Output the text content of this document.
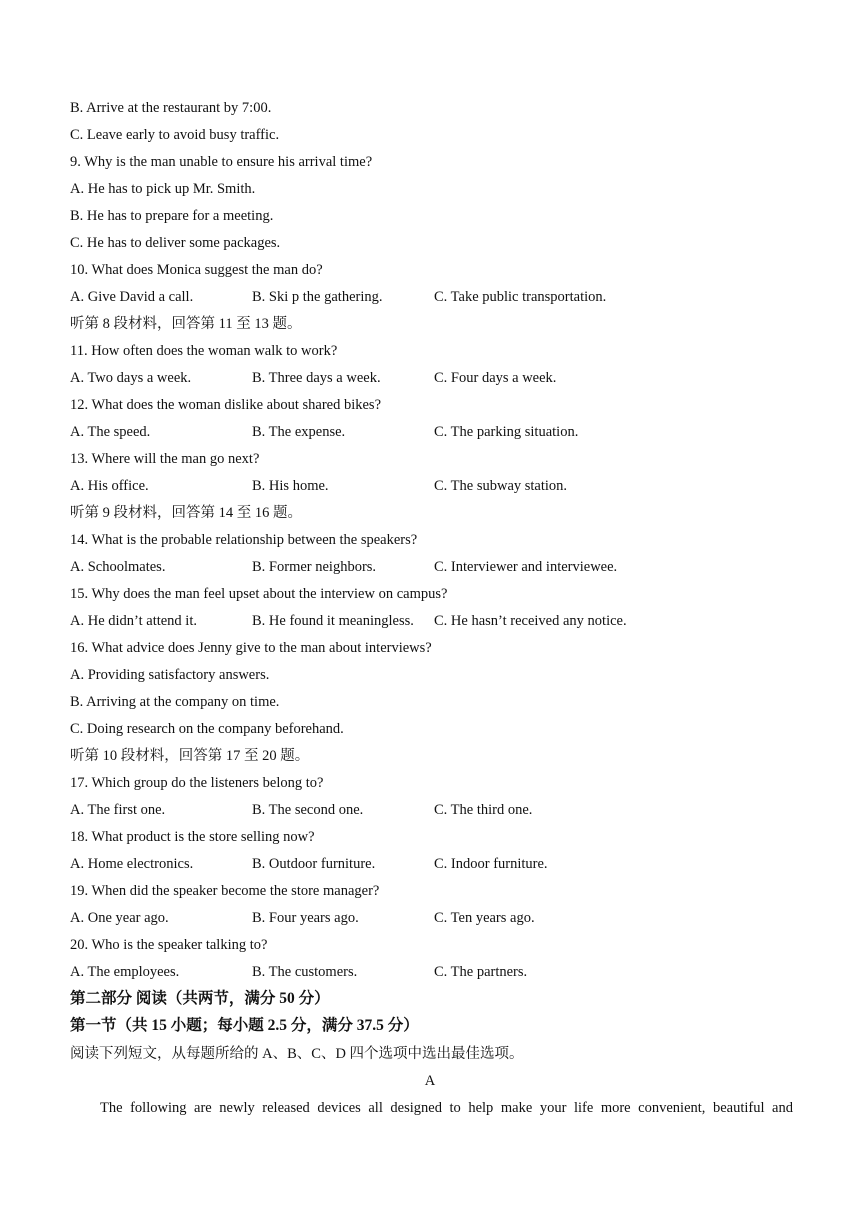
B. Arrive at the restaurant by 7:00.
C. Leave early to avoid busy traffic.
9. Why is the man unable to ensure his arrival time?
A. He has to pick up Mr. Smith.
B. He has to prepare for a meeting.
C. He has to deliver some packages.
10. What does Monica suggest the man do?
A. Give David a call.	B. Ski p the gathering.	C. Take public transportation.
听第 8 段材料，回答第 11 至 13 题。
11. How often does the woman walk to work?
A. Two days a week.	B. Three days a week.	C. Four days a week.
12. What does the woman dislike about shared bikes?
A. The speed.	B. The expense.	C. The parking situation.
13. Where will the man go next?
A. His office.	B. His home.	C. The subway station.
听第 9 段材料，回答第 14 至 16 题。
14. What is the probable relationship between the speakers?
A. Schoolmates.	B. Former neighbors.	C. Interviewer and interviewee.
15. Why does the man feel upset about the interview on campus?
A. He didn’t attend it.	B. He found it meaningless. C. He hasn’t received any notice.
16. What advice does Jenny give to the man about interviews?
A. Providing satisfactory answers.
B. Arriving at the company on time.
C. Doing research on the company beforehand.
听第 10 段材料，回答第 17 至 20 题。
17. Which group do the listeners belong to?
A. The first one.	B. The second one.	C. The third one.
18. What product is the store selling now?
A. Home electronics.	B. Outdoor furniture.	C. Indoor furniture.
19. When did the speaker become the store manager?
A. One year ago.	B. Four years ago.	C. Ten years ago.
20. Who is the speaker talking to?
A. The employees.	B. The customers.	C. The partners.
第二部分 阅读（共两节，满分 50 分）
第一节（共 15 小题；每小题 2.5 分，满分 37.5 分）
阅读下列短文，从每题所给的 A、B、C、D 四个选项中选出最佳选项。
A
The following are newly released devices all designed to help make your life more convenient, beautiful and
